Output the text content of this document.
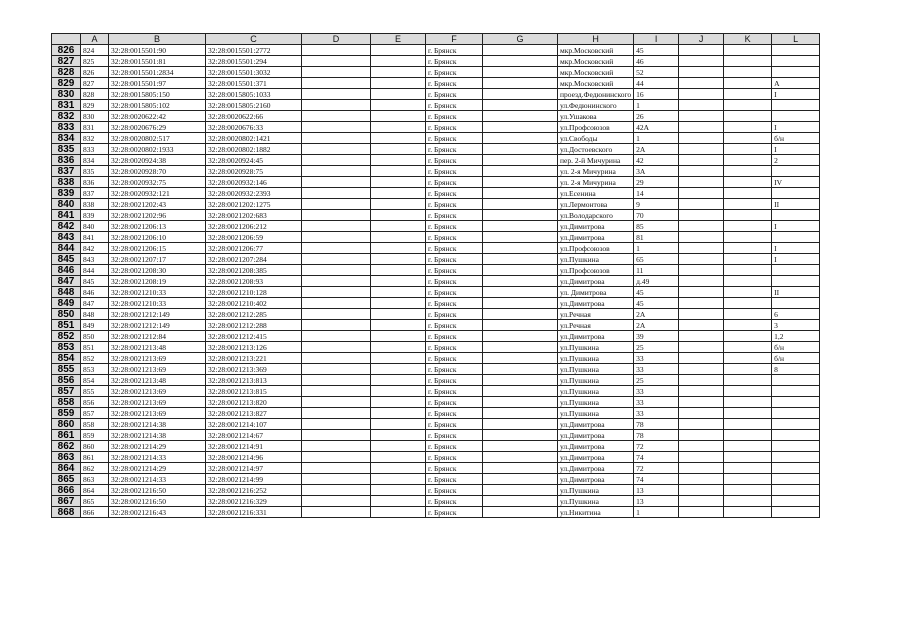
	A	B	C	D	E	F	G	H	I	J	K	L
826	824	32:28:0015501:90	32:28:0015501:2772			г. Брянск		мкр.Московский	45			
827	825	32:28:0015501:81	32:28:0015501:294			г. Брянск		мкр.Московский	46			
828	826	32:28:0015501:2834	32:28:0015501:3032			г. Брянск		мкр.Московский	52			
829	827	32:28:0015501:97	32:28:0015501:371			г. Брянск		мкр.Московский	44			А
830	828	32:28:0015805:150	32:28:0015805:1033			г. Брянск		проезд.Федюнинского	16			I
831	829	32:28:0015805:102	32:28:0015805:2160			г. Брянск		ул.Федюнинского	1			
832	830	32:28:0020622:42	32:28:0020622:66			г. Брянск		ул.Ушакова	26			
833	831	32:28:0020676:29	32:28:0020676:33			г. Брянск		ул.Профсоюзов	42А			I
834	832	32:28:0020802:517	32:28:0020802:1421			г. Брянск		ул.Свободы	1			б/н
835	833	32:28:0020802:1933	32:28:0020802:1882			г. Брянск		ул.Достоевского	2А			I
836	834	32:28:0020924:38	32:28:0020924:45			г. Брянск		пер. 2-й Мичурина	42			2
837	835	32:28:0020928:70	32:28:0020928:75			г. Брянск		ул. 2-я Мичурина	3А			
838	836	32:28:0020932:75	32:28:0020932:146			г. Брянск		ул. 2-я Мичурина	29			IV
839	837	32:28:0020932:121	32:28:0020932:2393			г. Брянск		ул.Есенина	14			
840	838	32:28:0021202:43	32:28:0021202:1275			г. Брянск		ул.Лермонтова	9			II
841	839	32:28:0021202:96	32:28:0021202:683			г. Брянск		ул.Володарского	70			
842	840	32:28:0021206:13	32:28:0021206:212			г. Брянск		ул.Димитрова	85			I
843	841	32:28:0021206:10	32:28:0021206:59			г. Брянск		ул.Димитрова	81			
844	842	32:28:0021206:15	32:28:0021206:77			г. Брянск		ул.Профсоюзов	1			I
845	843	32:28:0021207:17	32:28:0021207:284			г. Брянск		ул.Пушкина	65			I
846	844	32:28:0021208:30	32:28:0021208:385			г. Брянск		ул.Профсоюзов	11			
847	845	32:28:0021208:19	32:28:0021208:93			г. Брянск		ул.Димитрова	д.49			
848	846	32:28:0021210:33	32:28:0021210:128			г. Брянск		ул. Димитрова	45			II
849	847	32:28:0021210:33	32:28:0021210:402			г. Брянск		ул.Димитрова	45			
850	848	32:28:0021212:149	32:28:0021212:285			г. Брянск		ул.Речная	2А			6
851	849	32:28:0021212:149	32:28:0021212:288			г. Брянск		ул.Речная	2А			3
852	850	32:28:0021212:84	32:28:0021212:415			г. Брянск		ул.Димитрова	39			1,2
853	851	32:28:0021213:48	32:28:0021213:126			г. Брянск		ул.Пушкина	25			б/н
854	852	32:28:0021213:69	32:28:0021213:221			г. Брянск		ул.Пушкина	33			б/н
855	853	32:28:0021213:69	32:28:0021213:369			г. Брянск		ул.Пушкина	33			8
856	854	32:28:0021213:48	32:28:0021213:813			г. Брянск		ул.Пушкина	25			
857	855	32:28:0021213:69	32:28:0021213:815			г. Брянск		ул.Пушкина	33			
858	856	32:28:0021213:69	32:28:0021213:820			г. Брянск		ул.Пушкина	33			
859	857	32:28:0021213:69	32:28:0021213:827			г. Брянск		ул.Пушкина	33			
860	858	32:28:0021214:38	32:28:0021214:107			г. Брянск		ул.Димитрова	78			
861	859	32:28:0021214:38	32:28:0021214:67			г. Брянск		ул.Димитрова	78			
862	860	32:28:0021214:29	32:28:0021214:91			г. Брянск		ул.Димитрова	72			
863	861	32:28:0021214:33	32:28:0021214:96			г. Брянск		ул.Димитрова	74			
864	862	32:28:0021214:29	32:28:0021214:97			г. Брянск		ул.Димитрова	72			
865	863	32:28:0021214:33	32:28:0021214:99			г. Брянск		ул.Димитрова	74			
866	864	32:28:0021216:50	32:28:0021216:252			г. Брянск		ул.Пушкина	13			
867	865	32:28:0021216:50	32:28:0021216:329			г. Брянск		ул.Пушкина	13			
868	866	32:28:0021216:43	32:28:0021216:331			г. Брянск		ул.Никитина	1			
